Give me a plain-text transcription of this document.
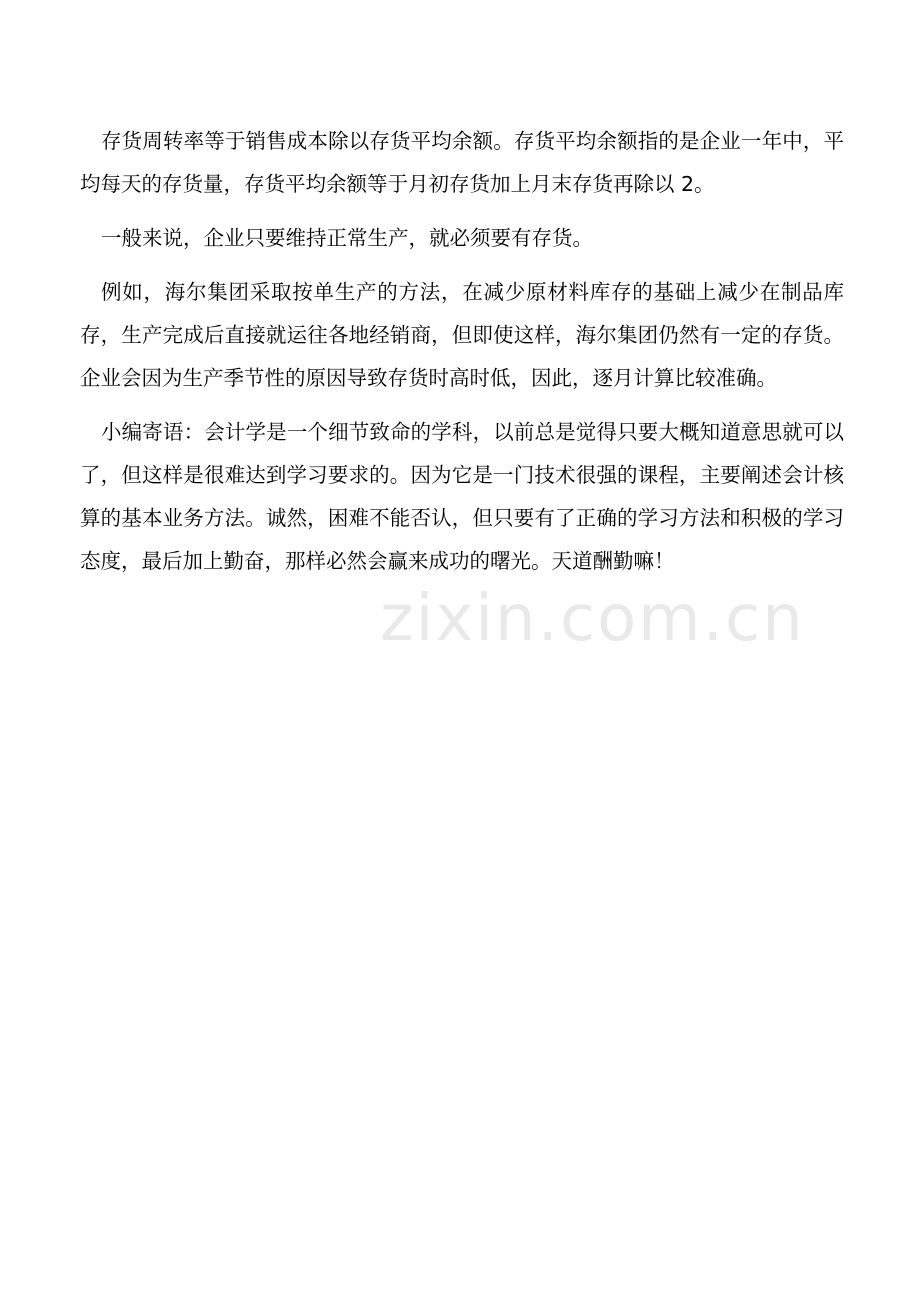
zixin.com.cn

存货周转率等于销售成本除以存货平均余额。存货平均余额指的是企业一年中，平均每天的存货量，存货平均余额等于月初存货加上月末存货再除以 2。

一般来说，企业只要维持正常生产，就必须要有存货。

例如，海尔集团采取按单生产的方法，在减少原材料库存的基础上减少在制品库存，生产完成后直接就运往各地经销商，但即使这样，海尔集团仍然有一定的存货。企业会因为生产季节性的原因导致存货时高时低，因此，逐月计算比较准确。

小编寄语：会计学是一个细节致命的学科，以前总是觉得只要大概知道意思就可以了，但这样是很难达到学习要求的。因为它是一门技术很强的课程，主要阐述会计核算的基本业务方法。诚然，困难不能否认，但只要有了正确的学习方法和积极的学习态度，最后加上勤奋，那样必然会赢来成功的曙光。天道酬勤嘛！
